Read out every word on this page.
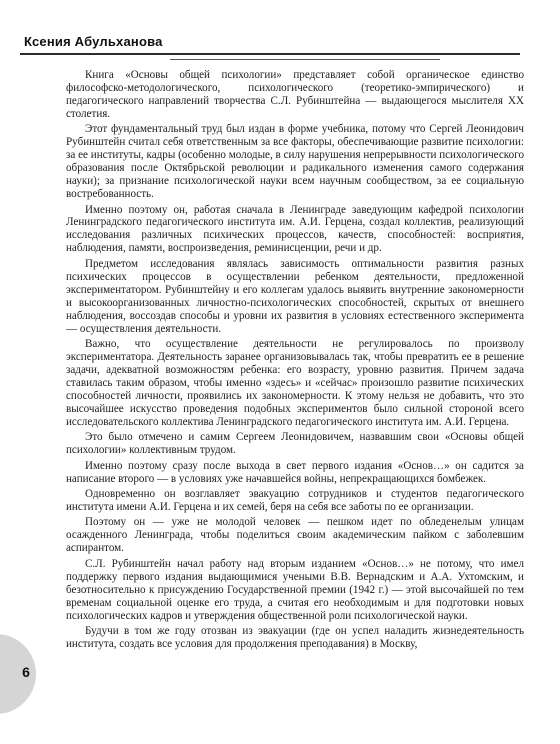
Ксения Абульханова

Книга «Основы общей психологии» представляет собой органическое единство философско-методологического, психологического (теоретико-эмпирического) и педагогического направлений творчества С.Л. Рубинштейна — выдающегося мыслителя XX столетия.

Этот фундаментальный труд был издан в форме учебника, потому что Сергей Леонидович Рубинштейн считал себя ответственным за все факторы, обеспечивающие развитие психологии: за ее институты, кадры (особенно молодые, в силу нарушения непрерывности психологического образования после Октябрьской революции и радикального изменения самого содержания науки); за признание психологической науки всем научным сообществом, за ее социальную востребованность.

Именно поэтому он, работая сначала в Ленинграде заведующим кафедрой психологии Ленинградского педагогического института им. А.И. Герцена, создал коллектив, реализующий исследования различных психических процессов, качеств, способностей: восприятия, наблюдения, памяти, воспроизведения, реминисценции, речи и др.

Предметом исследования являлась зависимость оптимальности развития разных психических процессов в осуществлении ребенком деятельности, предложенной экспериментатором. Рубинштейну и его коллегам удалось выявить внутренние закономерности и высокоорганизованных личностно-психологических способностей, скрытых от внешнего наблюдения, воссоздав способы и уровни их развития в условиях естественного эксперимента — осуществления деятельности.

Важно, что осуществление деятельности не регулировалось по произволу экспериментатора. Деятельность заранее организовывалась так, чтобы превратить ее в решение задачи, адекватной возможностям ребенка: его возрасту, уровню развития. Причем задача ставилась таким образом, чтобы именно «здесь» и «сейчас» произошло развитие психических способностей личности, проявились их закономерности. К этому нельзя не добавить, что это высочайшее искусство проведения подобных экспериментов было сильной стороной всего исследовательского коллектива Ленинградского педагогического института им. А.И. Герцена.

Это было отмечено и самим Сергеем Леонидовичем, назвавшим свои «Основы общей психологии» коллективным трудом.

Именно поэтому сразу после выхода в свет первого издания «Основ…» он садится за написание второго — в условиях уже начавшейся войны, непрекращающихся бомбежек.

Одновременно он возглавляет эвакуацию сотрудников и студентов педагогического института имени А.И. Герцена и их семей, беря на себя все заботы по ее организации.

Поэтому он — уже не молодой человек — пешком идет по обледенелым улицам осажденного Ленинграда, чтобы поделиться своим академическим пайком с заболевшим аспирантом.

С.Л. Рубинштейн начал работу над вторым изданием «Основ…» не потому, что имел поддержку первого издания выдающимися учеными В.В. Вернадским и А.А. Ухтомским, и безотносительно к присуждению Государственной премии (1942 г.) — этой высочайшей по тем временам социальной оценке его труда, а считая его необходимым и для подготовки новых психологических кадров и утверждения общественной роли психологической науки.

Будучи в том же году отозван из эвакуации (где он успел наладить жизнедеятельность института, создать все условия для продолжения преподавания) в Москву,

6
